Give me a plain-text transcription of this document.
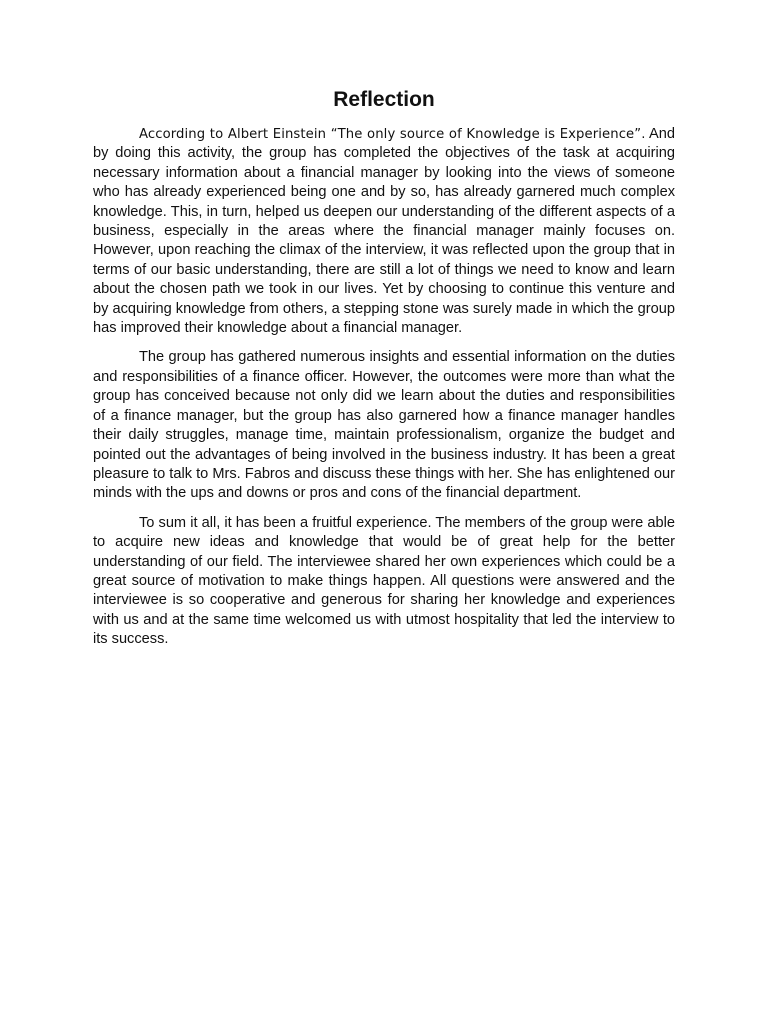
Reflection

According to Albert Einstein “The only source of Knowledge is Experience”. And by doing this activity, the group has completed the objectives of the task at acquiring necessary information about a financial manager by looking into the views of someone who has already experienced being one and by so, has already garnered much complex knowledge. This, in turn, helped us deepen our understanding of the different aspects of a business, especially in the areas where the financial manager mainly focuses on. However, upon reaching the climax of the interview, it was reflected upon the group that in terms of our basic understanding, there are still a lot of things we need to know and learn about the chosen path we took in our lives. Yet by choosing to continue this venture and by acquiring knowledge from others, a stepping stone was surely made in which the group has improved their knowledge about a financial manager.

The group has gathered numerous insights and essential information on the duties and responsibilities of a finance officer. However, the outcomes were more than what the group has conceived because not only did we learn about the duties and responsibilities of a finance manager, but the group has also garnered how a finance manager handles their daily struggles, manage time, maintain professionalism, organize the budget and pointed out the advantages of being involved in the business industry. It has been a great pleasure to talk to Mrs. Fabros and discuss these things with her. She has enlightened our minds with the ups and downs or pros and cons of the financial department.

To sum it all, it has been a fruitful experience. The members of the group were able to acquire new ideas and knowledge that would be of great help for the better understanding of our field. The interviewee shared her own experiences which could be a great source of motivation to make things happen. All questions were answered and the interviewee is so cooperative and generous for sharing her knowledge and experiences with us and at the same time welcomed us with utmost hospitality that led the interview to its success.
